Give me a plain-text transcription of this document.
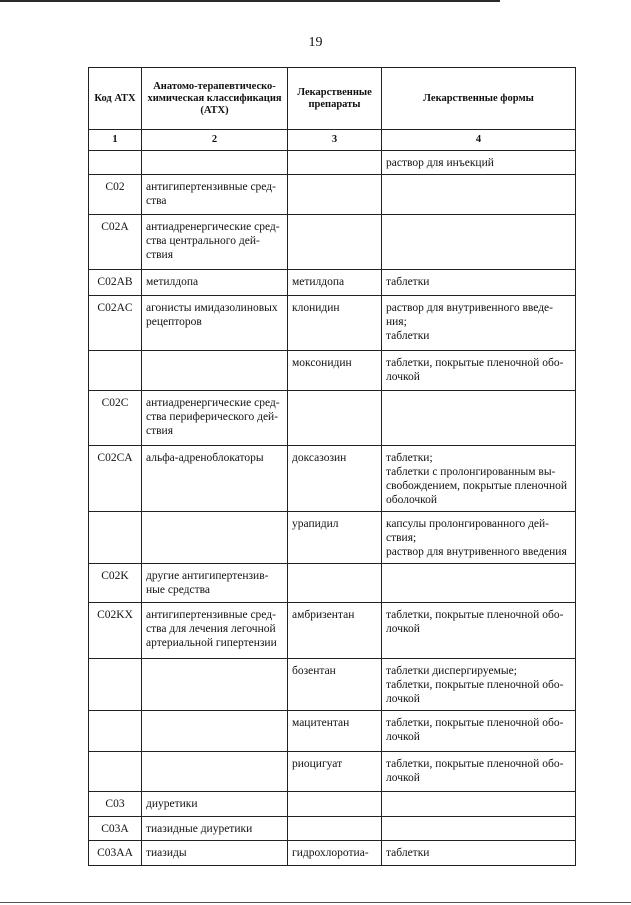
19
Код АТХ	Анатомо-терапевтическо-химическая классификация (АТХ)	Лекарственные препараты	Лекарственные формы
1	2	3	4
			раствор для инъекций
C02	антигипертензивные сред-ства		
C02A	антиадренергические сред-ства центрального дей-ствия		
C02AB	метилдопа	метилдопа	таблетки
C02AC	агонисты имидазолиновых рецепторов	клонидин	раствор для внутривенного введе-ния;
таблетки
		моксонидин	таблетки, покрытые пленочной обо-лочкой
C02C	антиадренергические сред-ства периферического дей-ствия		
C02CA	альфа-адреноблокаторы	доксазозин	таблетки;
таблетки с пролонгированным вы-свобождением, покрытые пленочной оболочкой
		урапидил	капсулы пролонгированного дей-ствия;
раствор для внутривенного введения
C02K	другие антигипертензив-ные средства		
C02KX	антигипертензивные сред-ства для лечения легочной артериальной гипертензии	амбризентан	таблетки, покрытые пленочной обо-лочкой
		бозентан	таблетки диспергируемые;
таблетки, покрытые пленочной обо-лочкой
		мацитентан	таблетки, покрытые пленочной обо-лочкой
		риоцигуат	таблетки, покрытые пленочной обо-лочкой
C03	диуретики		
C03A	тиазидные диуретики		
C03AA	тиазиды	гидрохлоротиа-	таблетки
